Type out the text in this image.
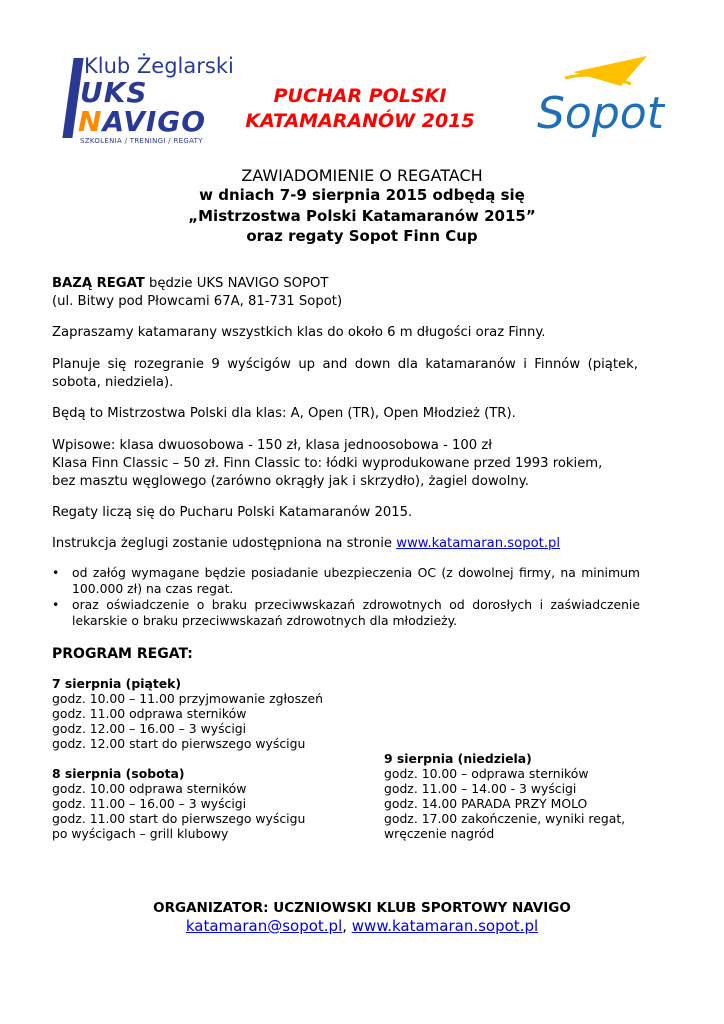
Klub Żeglarski
UKS
NAVIGO
SZKOLENIA / TRENINGI / REGATY
PUCHAR POLSKI
KATAMARANÓW 2015 Sopot
ZAWIADOMIENIE O REGATACH
w dniach 7-9 sierpnia 2015 odbędą się
„Mistrzostwa Polski Katamaranów 2015”
oraz regaty Sopot Finn Cup
BAZĄ REGAT będzie UKS NAVIGO SOPOT
(ul. Bitwy pod Płowcami 67A, 81-731 Sopot)
Zapraszamy katamarany wszystkich klas do około 6 m długości oraz Finny.
Planuje się rozegranie 9 wyścigów up and down dla katamaranów i Finnów (piątek, sobota, niedziela).
Będą to Mistrzostwa Polski dla klas: A, Open (TR), Open Młodzież (TR).
Wpisowe: klasa dwuosobowa - 150 zł, klasa jednoosobowa - 100 zł
Klasa Finn Classic – 50 zł. Finn Classic to: łódki wyprodukowane przed 1993 rokiem,
bez masztu węglowego (zarówno okrągły jak i skrzydło), żagiel dowolny.
Regaty liczą się do Pucharu Polski Katamaranów 2015.
Instrukcja żeglugi zostanie udostępniona na stronie www.katamaran.sopot.pl
• od załóg wymagane będzie posiadanie ubezpieczenia OC (z dowolnej firmy, na minimum 100.000 zł) na czas regat.
• oraz oświadczenie o braku przeciwwskazań zdrowotnych od dorosłych i zaświadczenie lekarskie o braku przeciwwskazań zdrowotnych dla młodzieży.
PROGRAM REGAT:
7 sierpnia (piątek)
godz. 10.00 – 11.00 przyjmowanie zgłoszeń
godz. 11.00 odprawa sterników
godz. 12.00 – 16.00 – 3 wyścigi
godz. 12.00 start do pierwszego wyścigu
8 sierpnia (sobota)
godz. 10.00 odprawa sterników
godz. 11.00 – 16.00 – 3 wyścigi
godz. 11.00 start do pierwszego wyścigu
po wyścigach – grill klubowy
9 sierpnia (niedziela)
godz. 10.00 – odprawa sterników
godz. 11.00 – 14.00 - 3 wyścigi
godz. 14.00 PARADA PRZY MOLO
godz. 17.00 zakończenie, wyniki regat,
wręczenie nagród
ORGANIZATOR: UCZNIOWSKI KLUB SPORTOWY NAVIGO
katamaran@sopot.pl, www.katamaran.sopot.pl
